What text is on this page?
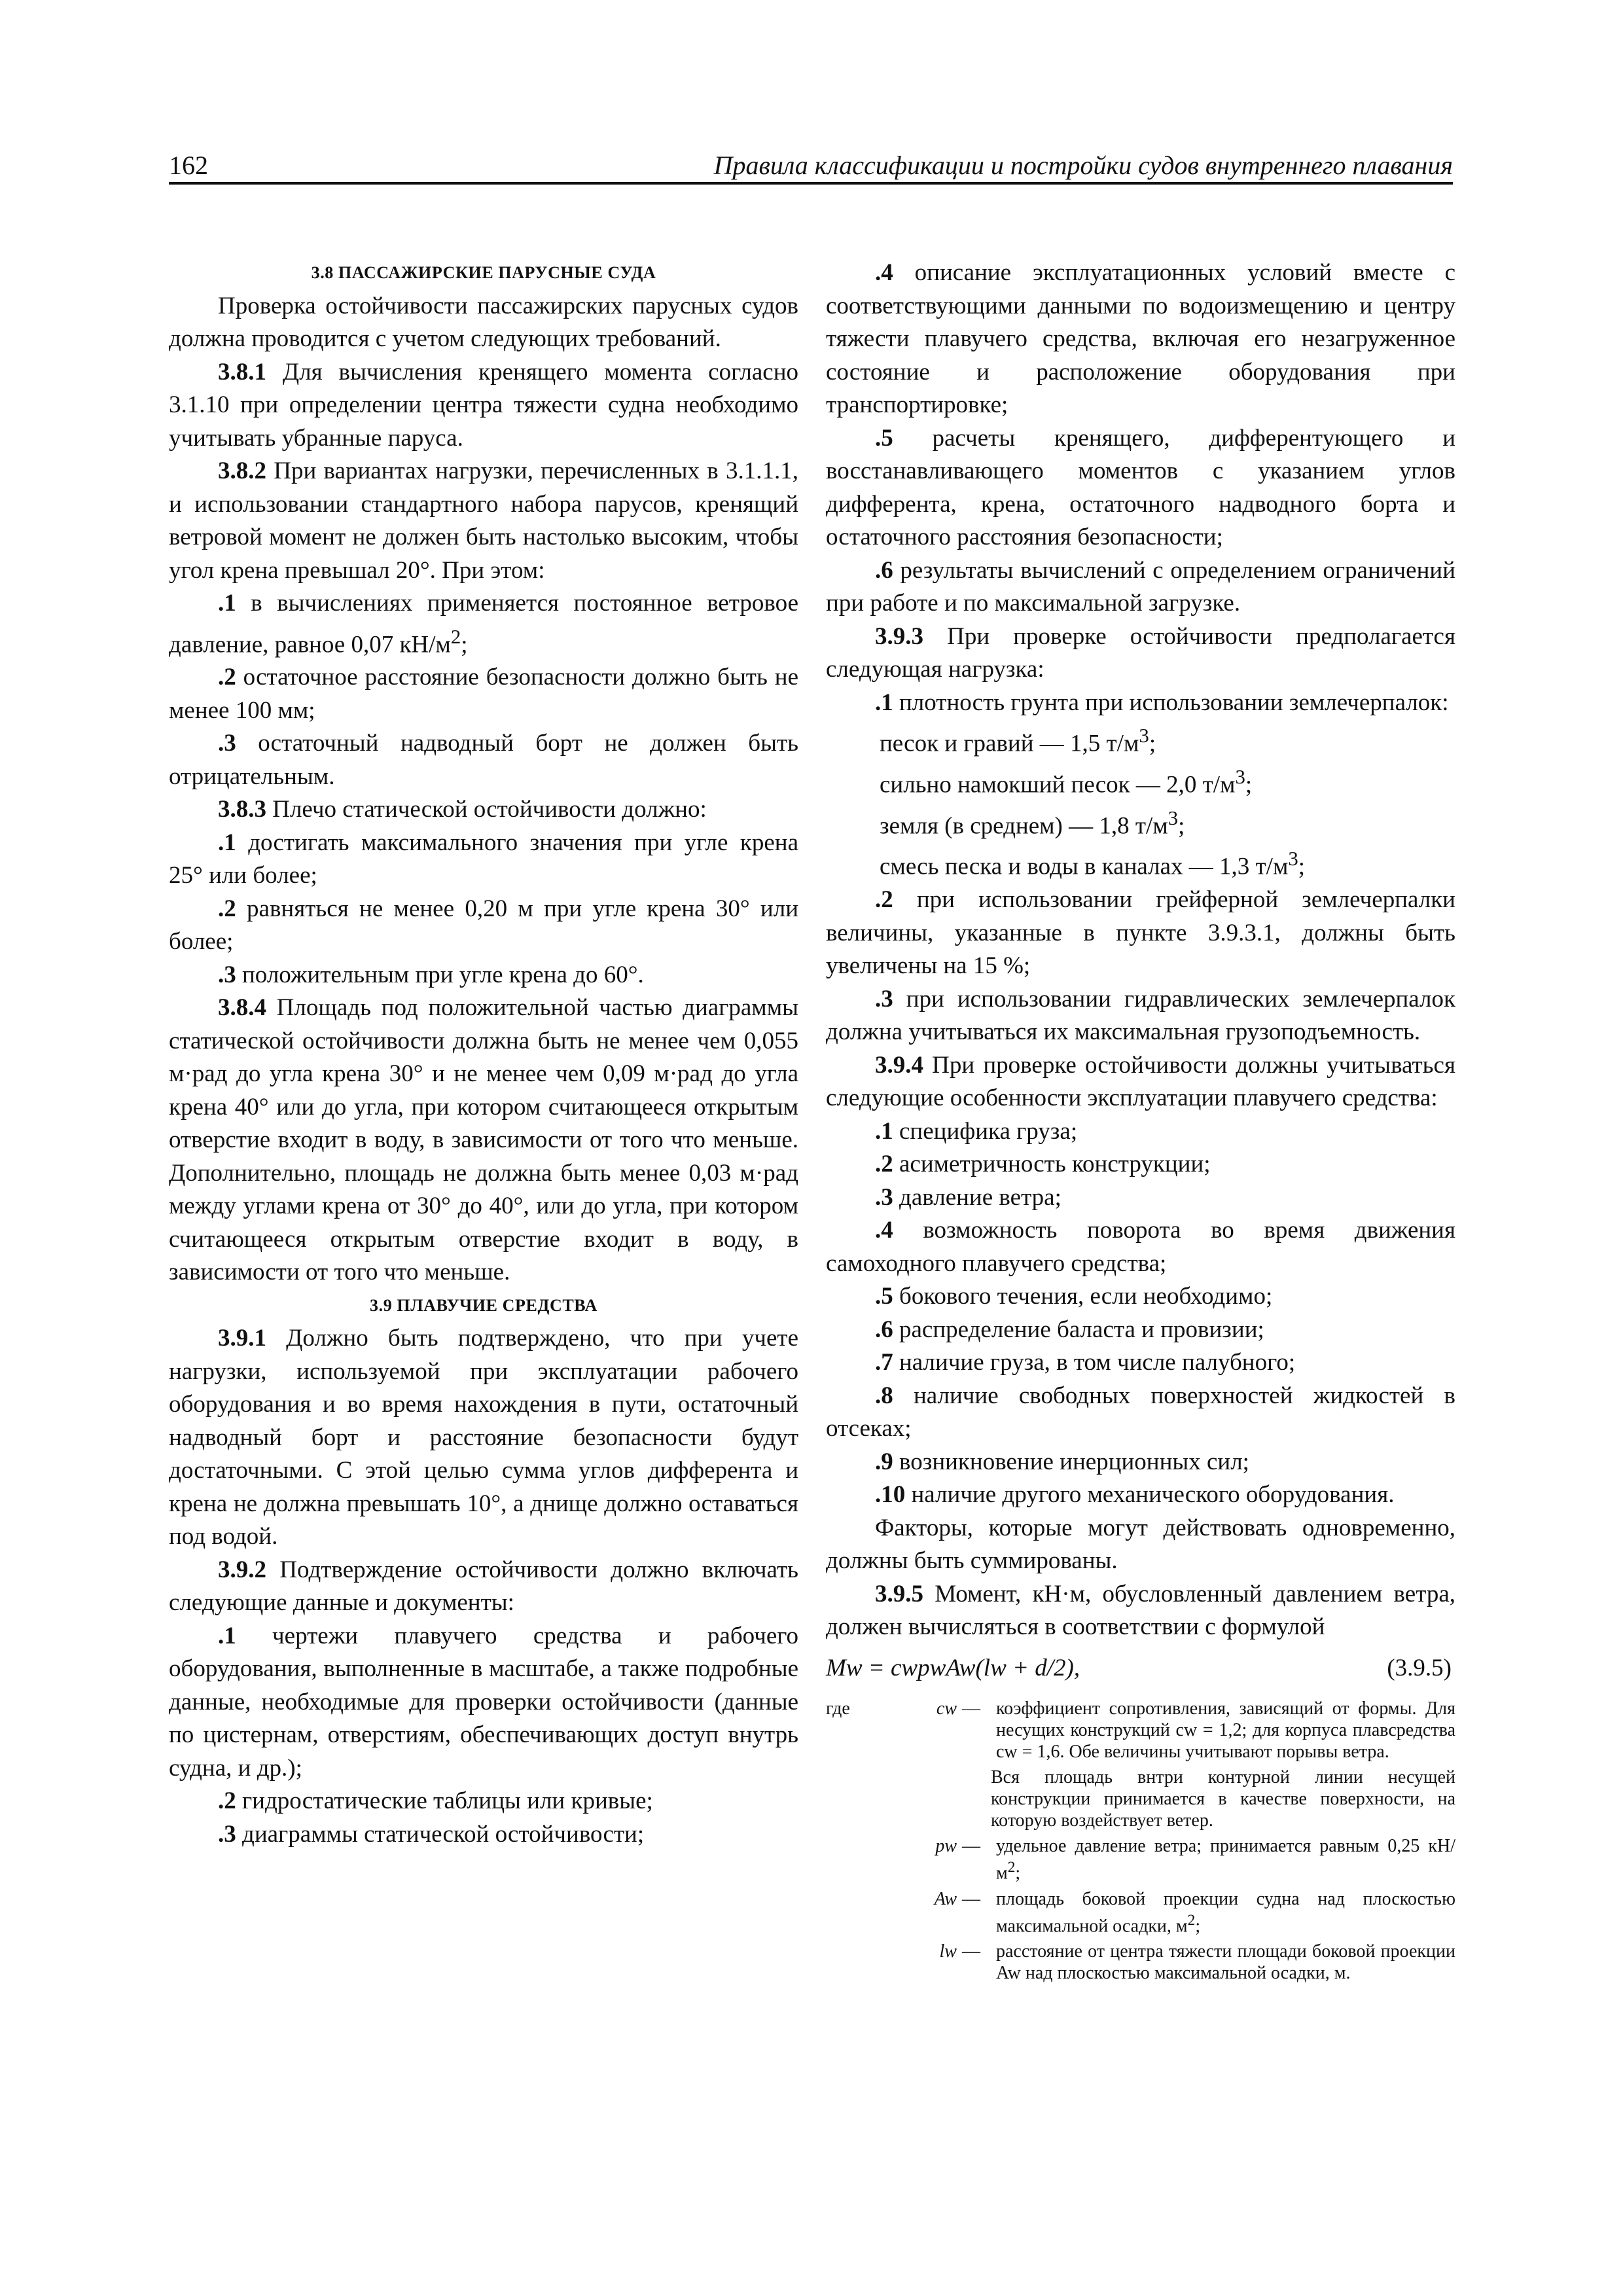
162	Правила классификации и постройки судов внутреннего плавания

3.8 ПАССАЖИРСКИЕ ПАРУСНЫЕ СУДА

Проверка остойчивости пассажирских парусных судов должна проводится с учетом следующих требований.

3.8.1 Для вычисления кренящего момента согласно 3.1.10 при определении центра тяжести судна необходимо учитывать убранные паруса.

3.8.2 При вариантах нагрузки, перечисленных в 3.1.1.1, и использовании стандартного набора парусов, кренящий ветровой момент не должен быть настолько высоким, чтобы угол крена превышал 20°. При этом:

.1 в вычислениях применяется постоянное ветровое давление, равное 0,07 $кН/м^2$;

.2 остаточное расстояние безопасности должно быть не менее 100 мм;

.3 остаточный надводный борт не должен быть отрицательным.

3.8.3 Плечо статической остойчивости должно:

.1 достигать максимального значения при угле крена 25° или более;

.2 равняться не менее 0,20 м при угле крена 30° или более;

.3 положительным при угле крена до 60°.

3.8.4 Площадь под положительной частью диаграммы статической остойчивости должна быть не менее чем 0,055 м·рад до угла крена 30° и не менее чем 0,09 м·рад до угла крена 40° или до угла, при котором считающееся открытым отверстие входит в воду, в зависимости от того что меньше. Дополнительно, площадь не должна быть менее 0,03 м·рад между углами крена от 30° до 40°, или до угла, при котором считающееся открытым отверстие входит в воду, в зависимости от того что меньше.

3.9 ПЛАВУЧИЕ СРЕДСТВА

3.9.1 Должно быть подтверждено, что при учете нагрузки, используемой при эксплуатации рабочего оборудования и во время нахождения в пути, остаточный надводный борт и расстояние безопасности будут достаточными. С этой целью сумма углов дифферента и крена не должна превышать 10°, а днище должно оставаться под водой.

3.9.2 Подтверждение остойчивости должно включать следующие данные и документы:

.1 чертежи плавучего средства и рабочего оборудования, выполненные в масштабе, а также подробные данные, необходимые для проверки остойчивости (данные по цистернам, отверстиям, обеспечивающих доступ внутрь судна, и др.);

.2 гидростатические таблицы или кривые;

.3 диаграммы статической остойчивости;

.4 описание эксплуатационных условий вместе с соответствующими данными по водоизмещению и центру тяжести плавучего средства, включая его незагруженное состояние и расположение оборудования при транспортировке;

.5 расчеты кренящего, дифферентующего и восстанавливающего моментов с указанием углов дифферента, крена, остаточного надводного борта и остаточного расстояния безопасности;

.6 результаты вычислений с определением ограничений при работе и по максимальной загрузке.

3.9.3 При проверке остойчивости предполагается следующая нагрузка:

.1 плотность грунта при использовании землечерпалок:

песок и гравий — 1,5 $т/м^3$;

сильно намокший песок — 2,0 $т/м^3$;

земля (в среднем) — 1,8 $т/м^3$;

смесь песка и воды в каналах — 1,3 $т/м^3$;

.2 при использовании грейферной землечерпалки величины, указанные в пункте 3.9.3.1, должны быть увеличены на 15 %;

.3 при использовании гидравлических землечерпалок должна учитываться их максимальная грузоподъемность.

3.9.4 При проверке остойчивости должны учитываться следующие особенности эксплуатации плавучего средства:

.1 специфика груза;

.2 асиметричность конструкции;

.3 давление ветра;

.4 возможность поворота во время движения самоходного плавучего средства;

.5 бокового течения, если необходимо;

.6 распределение баласта и провизии;

.7 наличие груза, в том числе палубного;

.8 наличие свободных поверхностей жидкостей в отсеках;

.9 возникновение инерционных сил;

.10 наличие другого механического оборудования.

Факторы, которые могут действовать одновременно, должны быть суммированы.

3.9.5 Момент, кН·м, обусловленный давлением ветра, должен вычисляться в соответствии с формулой

Mw = cwpwAw(lw + d/2),	(3.9.5)
где	cw — коэффициент сопротивления, зависящий от формы. Для несущих конструкций cw = 1,2; для корпуса плавсредства cw = 1,6. Обе величины учитывают порывы ветра.
Вся площадь внтри контурной линии несущей конструкции принимается в качестве поверхности, на которую воздействует ветер.
pw — удельное давление ветра; принимается равным 0,25 $кН/м^2$;
Aw — площадь боковой проекции судна над плоскостью максимальной осадки, $м^2$;
lw — расстояние от центра тяжести площади боковой проекции Aw над плоскостью максимальной осадки, м.
